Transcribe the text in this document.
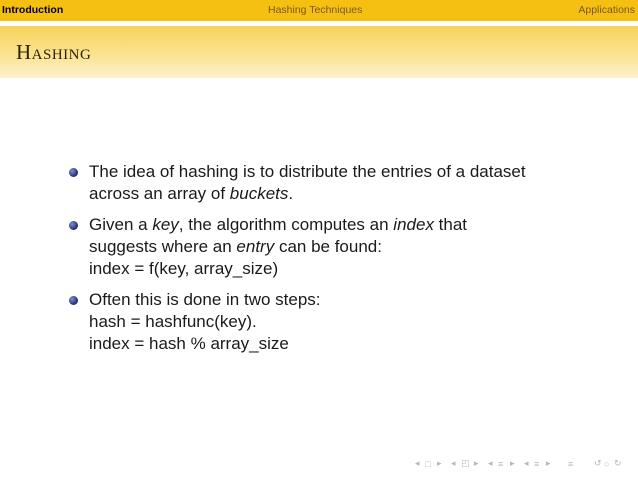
Introduction	Hashing Techniques	Applications
Hashing
The idea of hashing is to distribute the entries of a dataset
across an array of buckets.
Given a key, the algorithm computes an index that
suggests where an entry can be found:
index = f(key, array_size)
Often this is done in two steps:
hash = hashfunc(key).
index = hash % array_size
◂ □ ▸ ◂ ◰ ▸ ◂ ≡ ▸ ◂ ≡ ▸ ≡ ↺ ○ ↻
